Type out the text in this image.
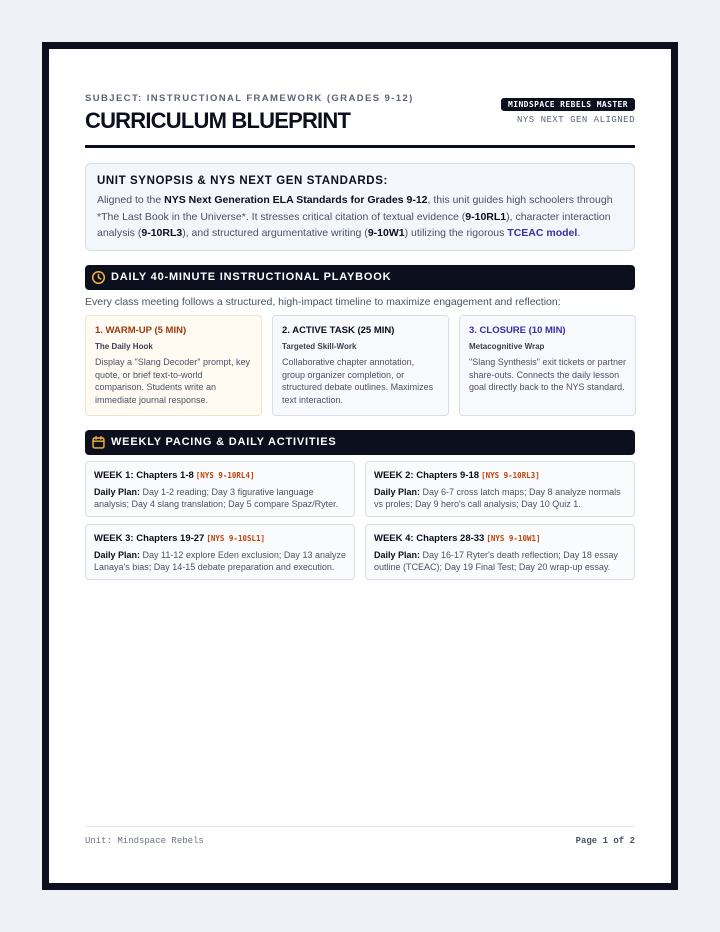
SUBJECT: INSTRUCTIONAL FRAMEWORK (GRADES 9-12)
CURRICULUM BLUEPRINT
MINDSPACE REBELS MASTER
NYS NEXT GEN ALIGNED
UNIT SYNOPSIS & NYS NEXT GEN STANDARDS:

Aligned to the NYS Next Generation ELA Standards for Grades 9-12, this unit guides high schoolers through *The Last Book in the Universe*. It stresses critical citation of textual evidence (9-10RL1), character interaction analysis (9-10RL3), and structured argumentative writing (9-10W1) utilizing the rigorous TCEAC model.

DAILY 40-MINUTE INSTRUCTIONAL PLAYBOOK
Every class meeting follows a structured, high-impact timeline to maximize engagement and reflection:
1. WARM-UP (5 MIN)
The Daily Hook
Display a "Slang Decoder" prompt, key quote, or brief text-to-world comparison. Students write an immediate journal response.
2. ACTIVE TASK (25 MIN)
Targeted Skill-Work
Collaborative chapter annotation, group organizer completion, or structured debate outlines. Maximizes text interaction.
3. CLOSURE (10 MIN)
Metacognitive Wrap
"Slang Synthesis" exit tickets or partner share-outs. Connects the daily lesson goal directly back to the NYS standard.
WEEKLY PACING & DAILY ACTIVITIES
WEEK 1: Chapters 1-8 [NYS 9-10RL4]
Daily Plan: Day 1-2 reading; Day 3 figurative language analysis; Day 4 slang translation; Day 5 compare Spaz/Ryter.
WEEK 2: Chapters 9-18 [NYS 9-10RL3]
Daily Plan: Day 6-7 cross latch maps; Day 8 analyze normals vs proles; Day 9 hero's call analysis; Day 10 Quiz 1.
WEEK 3: Chapters 19-27 [NYS 9-10SL1]
Daily Plan: Day 11-12 explore Eden exclusion; Day 13 analyze Lanaya's bias; Day 14-15 debate preparation and execution.
WEEK 4: Chapters 28-33 [NYS 9-10W1]
Daily Plan: Day 16-17 Ryter's death reflection; Day 18 essay outline (TCEAC); Day 19 Final Test; Day 20 wrap-up essay.
Unit: Mindspace Rebels	Page 1 of 2
